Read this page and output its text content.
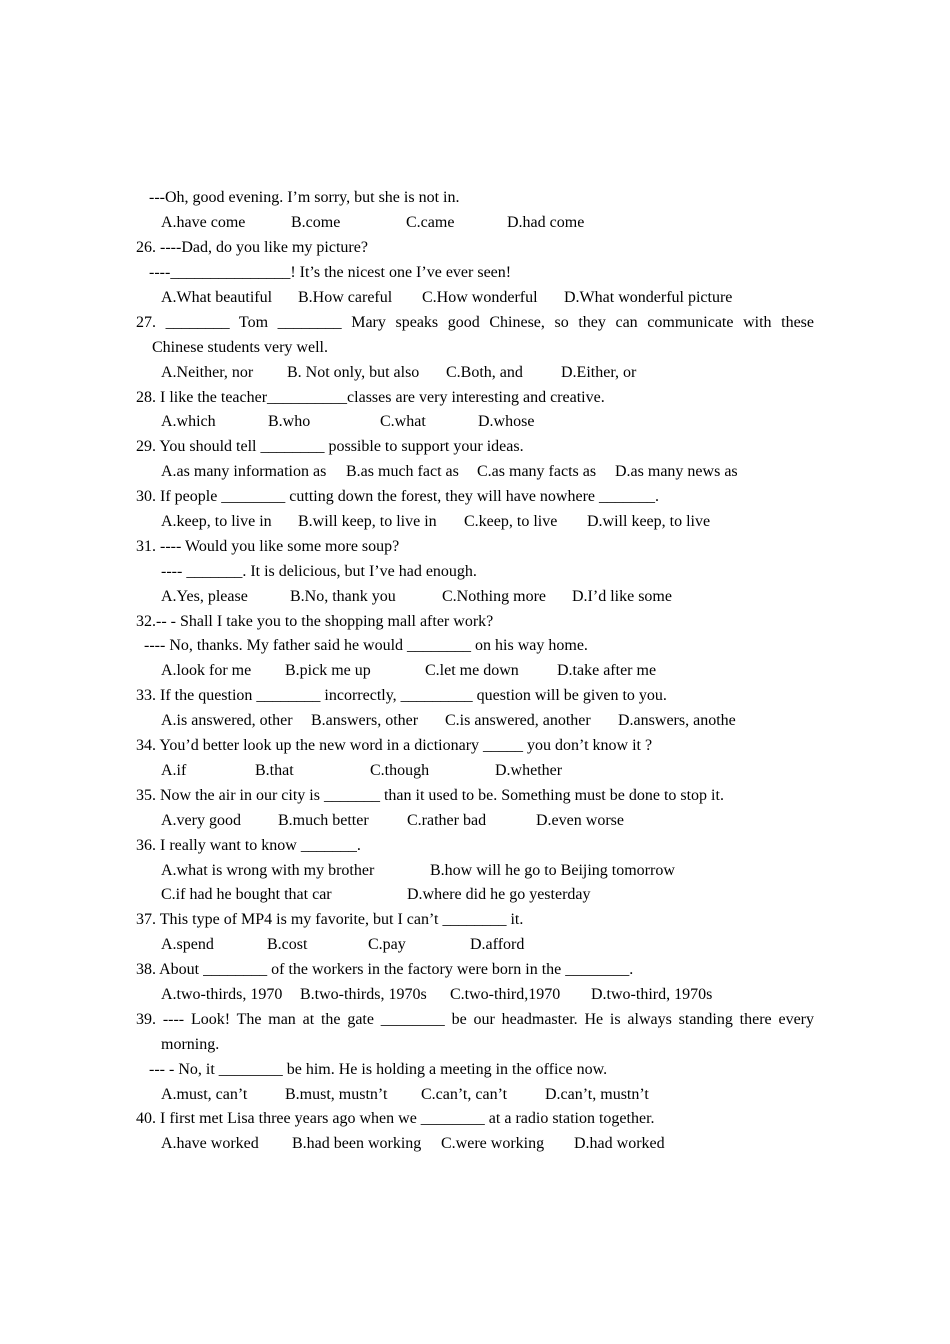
---Oh, good evening. I’m sorry, but she is not in.
A.have come	B.come	C.came	D.had come
26. ----Dad, do you like my picture?
----_______________! It’s the nicest one I’ve ever seen!
A.What beautiful B.How careful C.How wonderful D.What wonderful picture
27. ________ Tom ________ Mary speaks good Chinese, so they can communicate with these
Chinese students very well.
A.Neither, nor B. Not only, but also C.Both, and D.Either, or
28. I like the teacher__________classes are very interesting and creative.
A.which	B.who	C.what	D.whose
29. You should tell ________ possible to support your ideas.
A.as many information as B.as much fact as C.as many facts as D.as many news as
30. If people ________ cutting down the forest, they will have nowhere _______.
A.keep, to live in B.will keep, to live in C.keep, to live D.will keep, to live
31. ---- Would you like some more soup?
---- _______. It is delicious, but I’ve had enough.
A.Yes, please	B.No, thank you	C.Nothing more D.I’d like some
32.-- - Shall I take you to the shopping mall after work?
---- No, thanks. My father said he would ________ on his way home.
A.look for me B.pick me up	C.let me down D.take after me
33. If the question ________ incorrectly, _________ question will be given to you.
A.is answered, other B.answers, other C.is answered, another D.answers, anothe
34. You’d better look up the new word in a dictionary _____ you don’t know it ?
A.if	B.that	C.though	D.whether
35. Now the air in our city is _______ than it used to be. Something must be done to stop it.
A.very good B.much better C.rather bad	D.even worse
36. I really want to know _______.
A.what is wrong with my brother	B.how will he go to Beijing tomorrow
C.if had he bought that car	D.where did he go yesterday
37. This type of MP4 is my favorite, but I can’t ________ it.
A.spend	B.cost	C.pay	D.afford
38. About ________ of the workers in the factory were born in the ________.
A.two-thirds, 1970 B.two-thirds, 1970s C.two-third,1970 D.two-third, 1970s
39. ---- Look! The man at the gate ________ be our headmaster. He is always standing there every
morning.
--- - No, it ________ be him. He is holding a meeting in the office now.
A.must, can’t B.must, mustn’t C.can’t, can’t D.can’t, mustn’t
40. I first met Lisa three years ago when we ________ at a radio station together.
A.have worked B.had been working C.were working D.had worked
